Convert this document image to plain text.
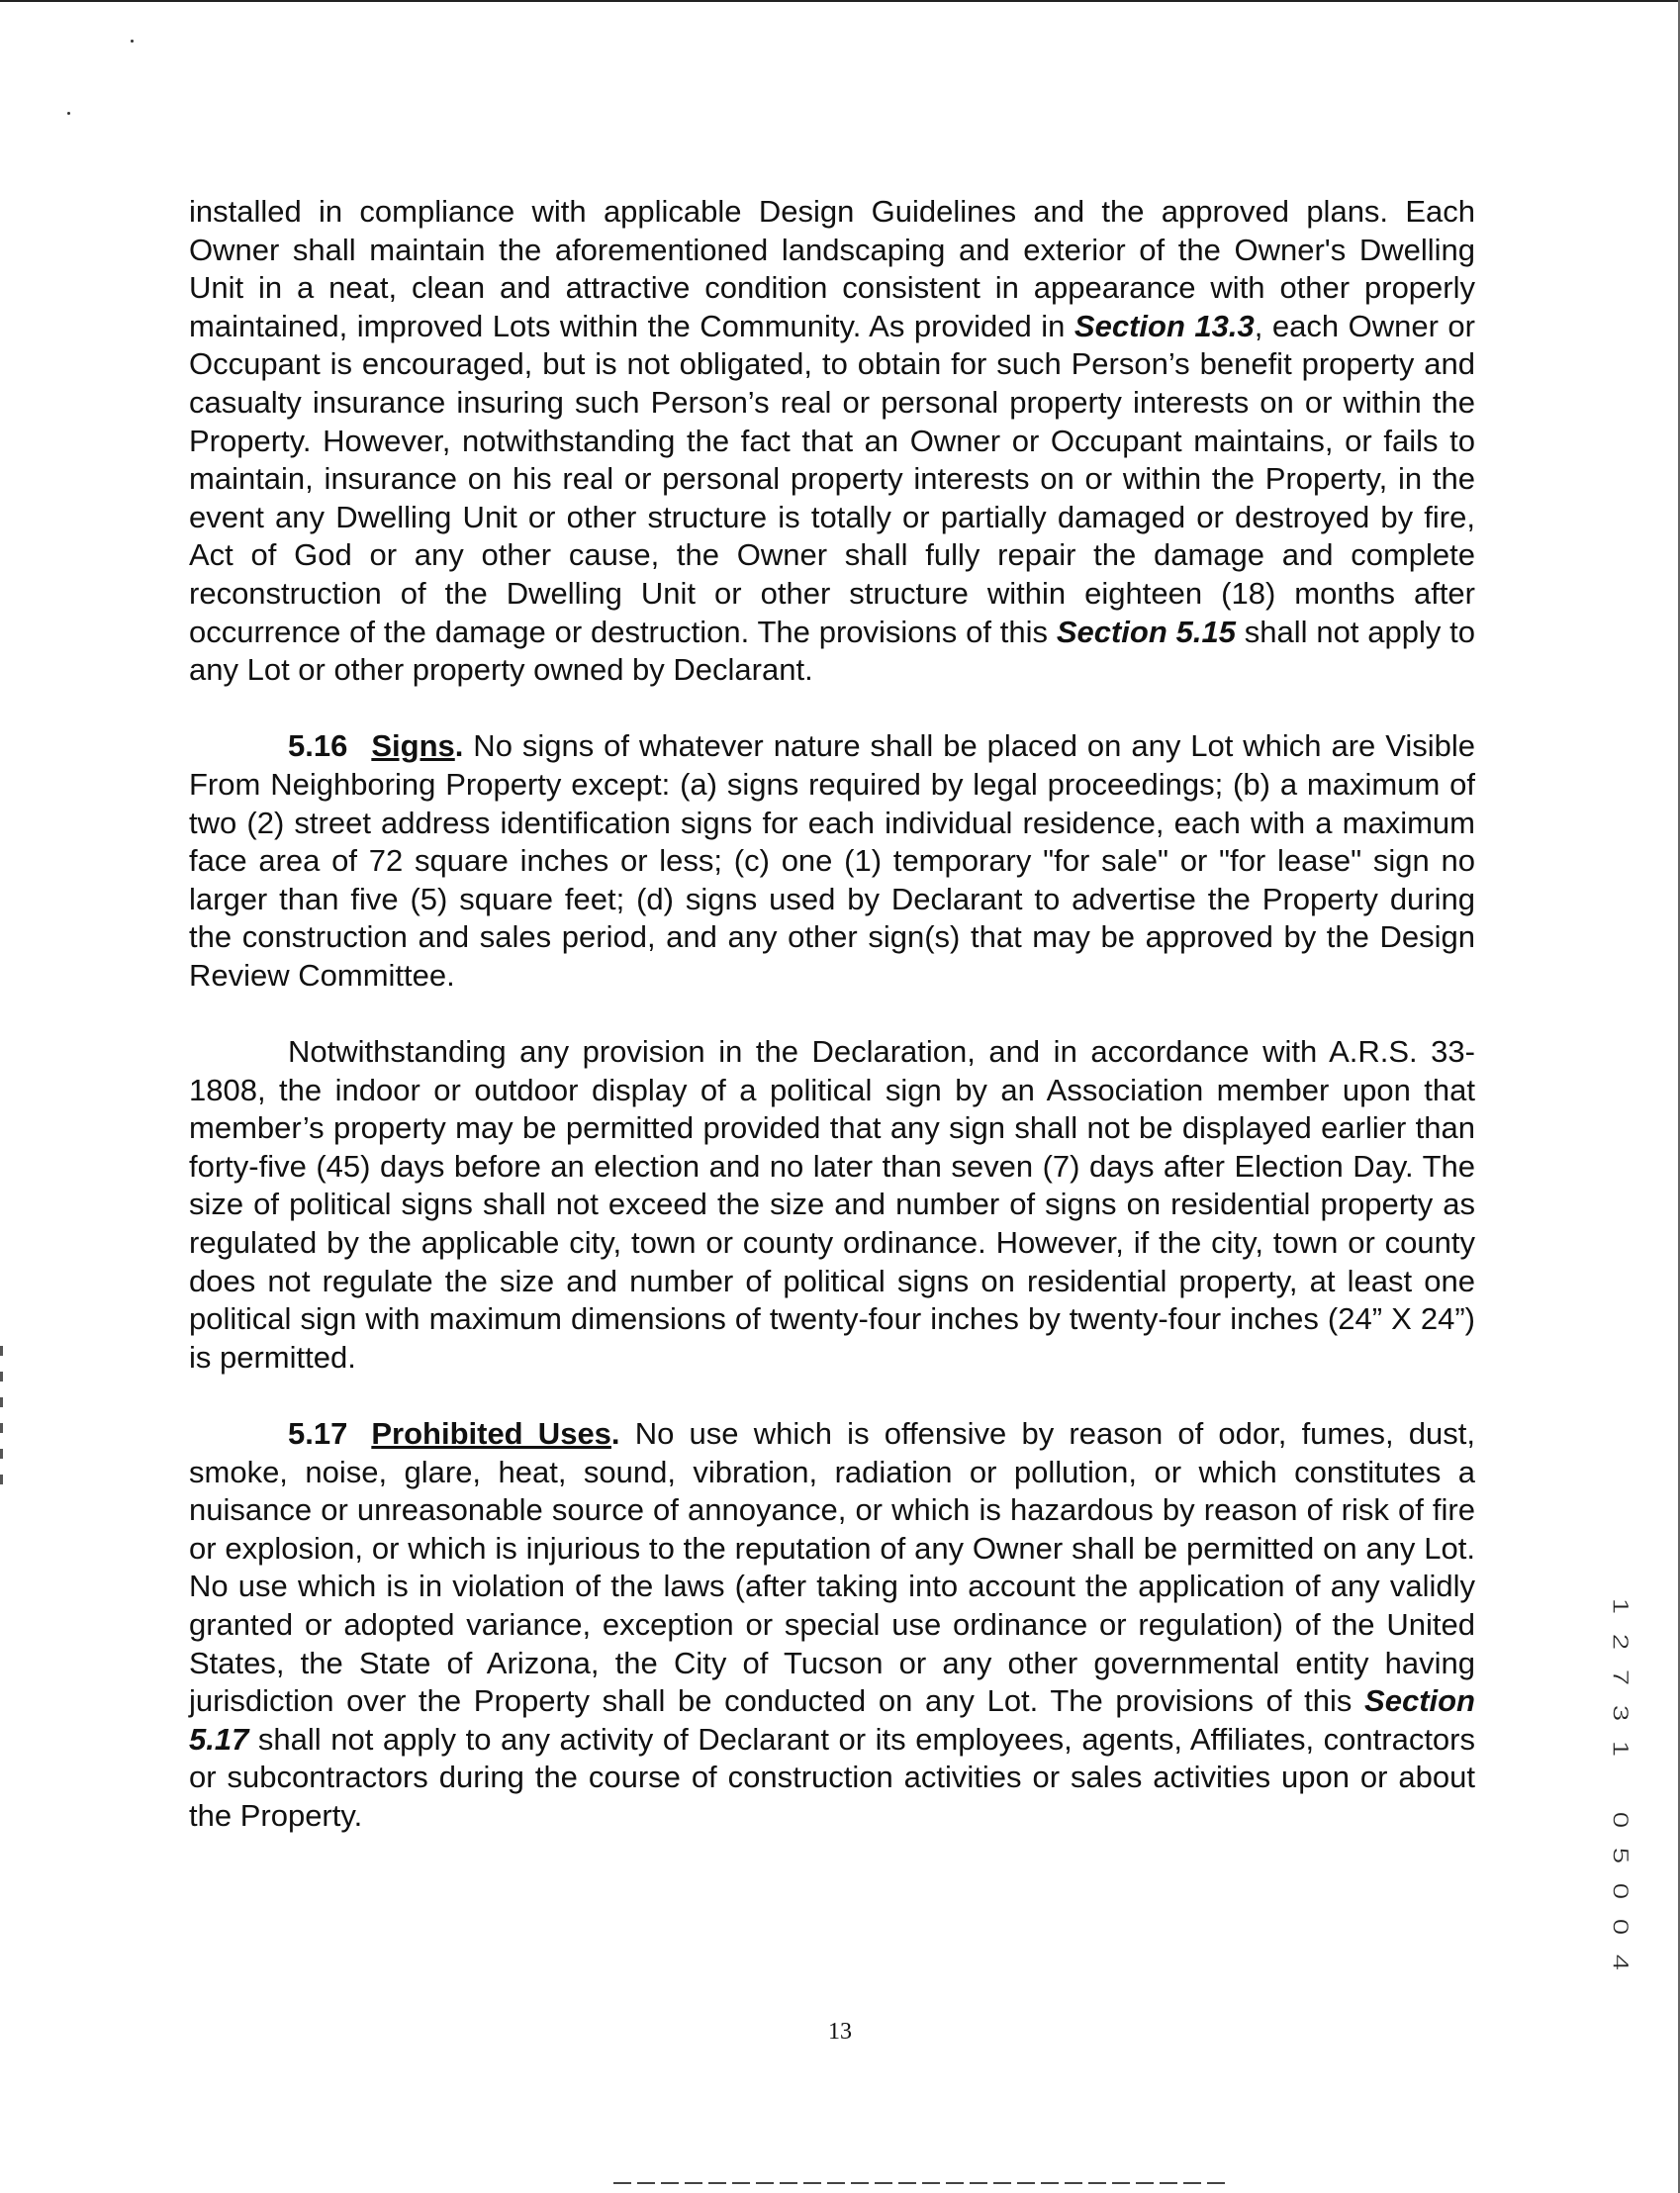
installed in compliance with applicable Design Guidelines and the approved plans. Each Owner shall maintain the aforementioned landscaping and exterior of the Owner's Dwelling Unit in a neat, clean and attractive condition consistent in appearance with other properly maintained, improved Lots within the Community. As provided in Section 13.3, each Owner or Occupant is encouraged, but is not obligated, to obtain for such Person’s benefit property and casualty insurance insuring such Person’s real or personal property interests on or within the Property. However, notwithstanding the fact that an Owner or Occupant maintains, or fails to maintain, insurance on his real or personal property interests on or within the Property, in the event any Dwelling Unit or other structure is totally or partially damaged or destroyed by fire, Act of God or any other cause, the Owner shall fully repair the damage and complete reconstruction of the Dwelling Unit or other structure within eighteen (18) months after occurrence of the damage or destruction. The provisions of this Section 5.15 shall not apply to any Lot or other property owned by Declarant.

5.16 Signs. No signs of whatever nature shall be placed on any Lot which are Visible From Neighboring Property except: (a) signs required by legal proceedings; (b) a maximum of two (2) street address identification signs for each individual residence, each with a maximum face area of 72 square inches or less; (c) one (1) temporary "for sale" or "for lease" sign no larger than five (5) square feet; (d) signs used by Declarant to advertise the Property during the construction and sales period, and any other sign(s) that may be approved by the Design Review Committee.

Notwithstanding any provision in the Declaration, and in accordance with A.R.S. 33-1808, the indoor or outdoor display of a political sign by an Association member upon that member’s property may be permitted provided that any sign shall not be displayed earlier than forty-five (45) days before an election and no later than seven (7) days after Election Day. The size of political signs shall not exceed the size and number of signs on residential property as regulated by the applicable city, town or county ordinance. However, if the city, town or county does not regulate the size and number of political signs on residential property, at least one political sign with maximum dimensions of twenty-four inches by twenty-four inches (24” X 24”) is permitted.

5.17 Prohibited Uses. No use which is offensive by reason of odor, fumes, dust, smoke, noise, glare, heat, sound, vibration, radiation or pollution, or which constitutes a nuisance or unreasonable source of annoyance, or which is hazardous by reason of risk of fire or explosion, or which is injurious to the reputation of any Owner shall be permitted on any Lot. No use which is in violation of the laws (after taking into account the application of any validly granted or adopted variance, exception or special use ordinance or regulation) of the United States, the State of Arizona, the City of Tucson or any other governmental entity having jurisdiction over the Property shall be conducted on any Lot. The provisions of this Section 5.17 shall not apply to any activity of Declarant or its employees, agents, Affiliates, contractors or subcontractors during the course of construction activities or sales activities upon or about the Property.

1
2
7
3
1
0
5
0
0
4
13
